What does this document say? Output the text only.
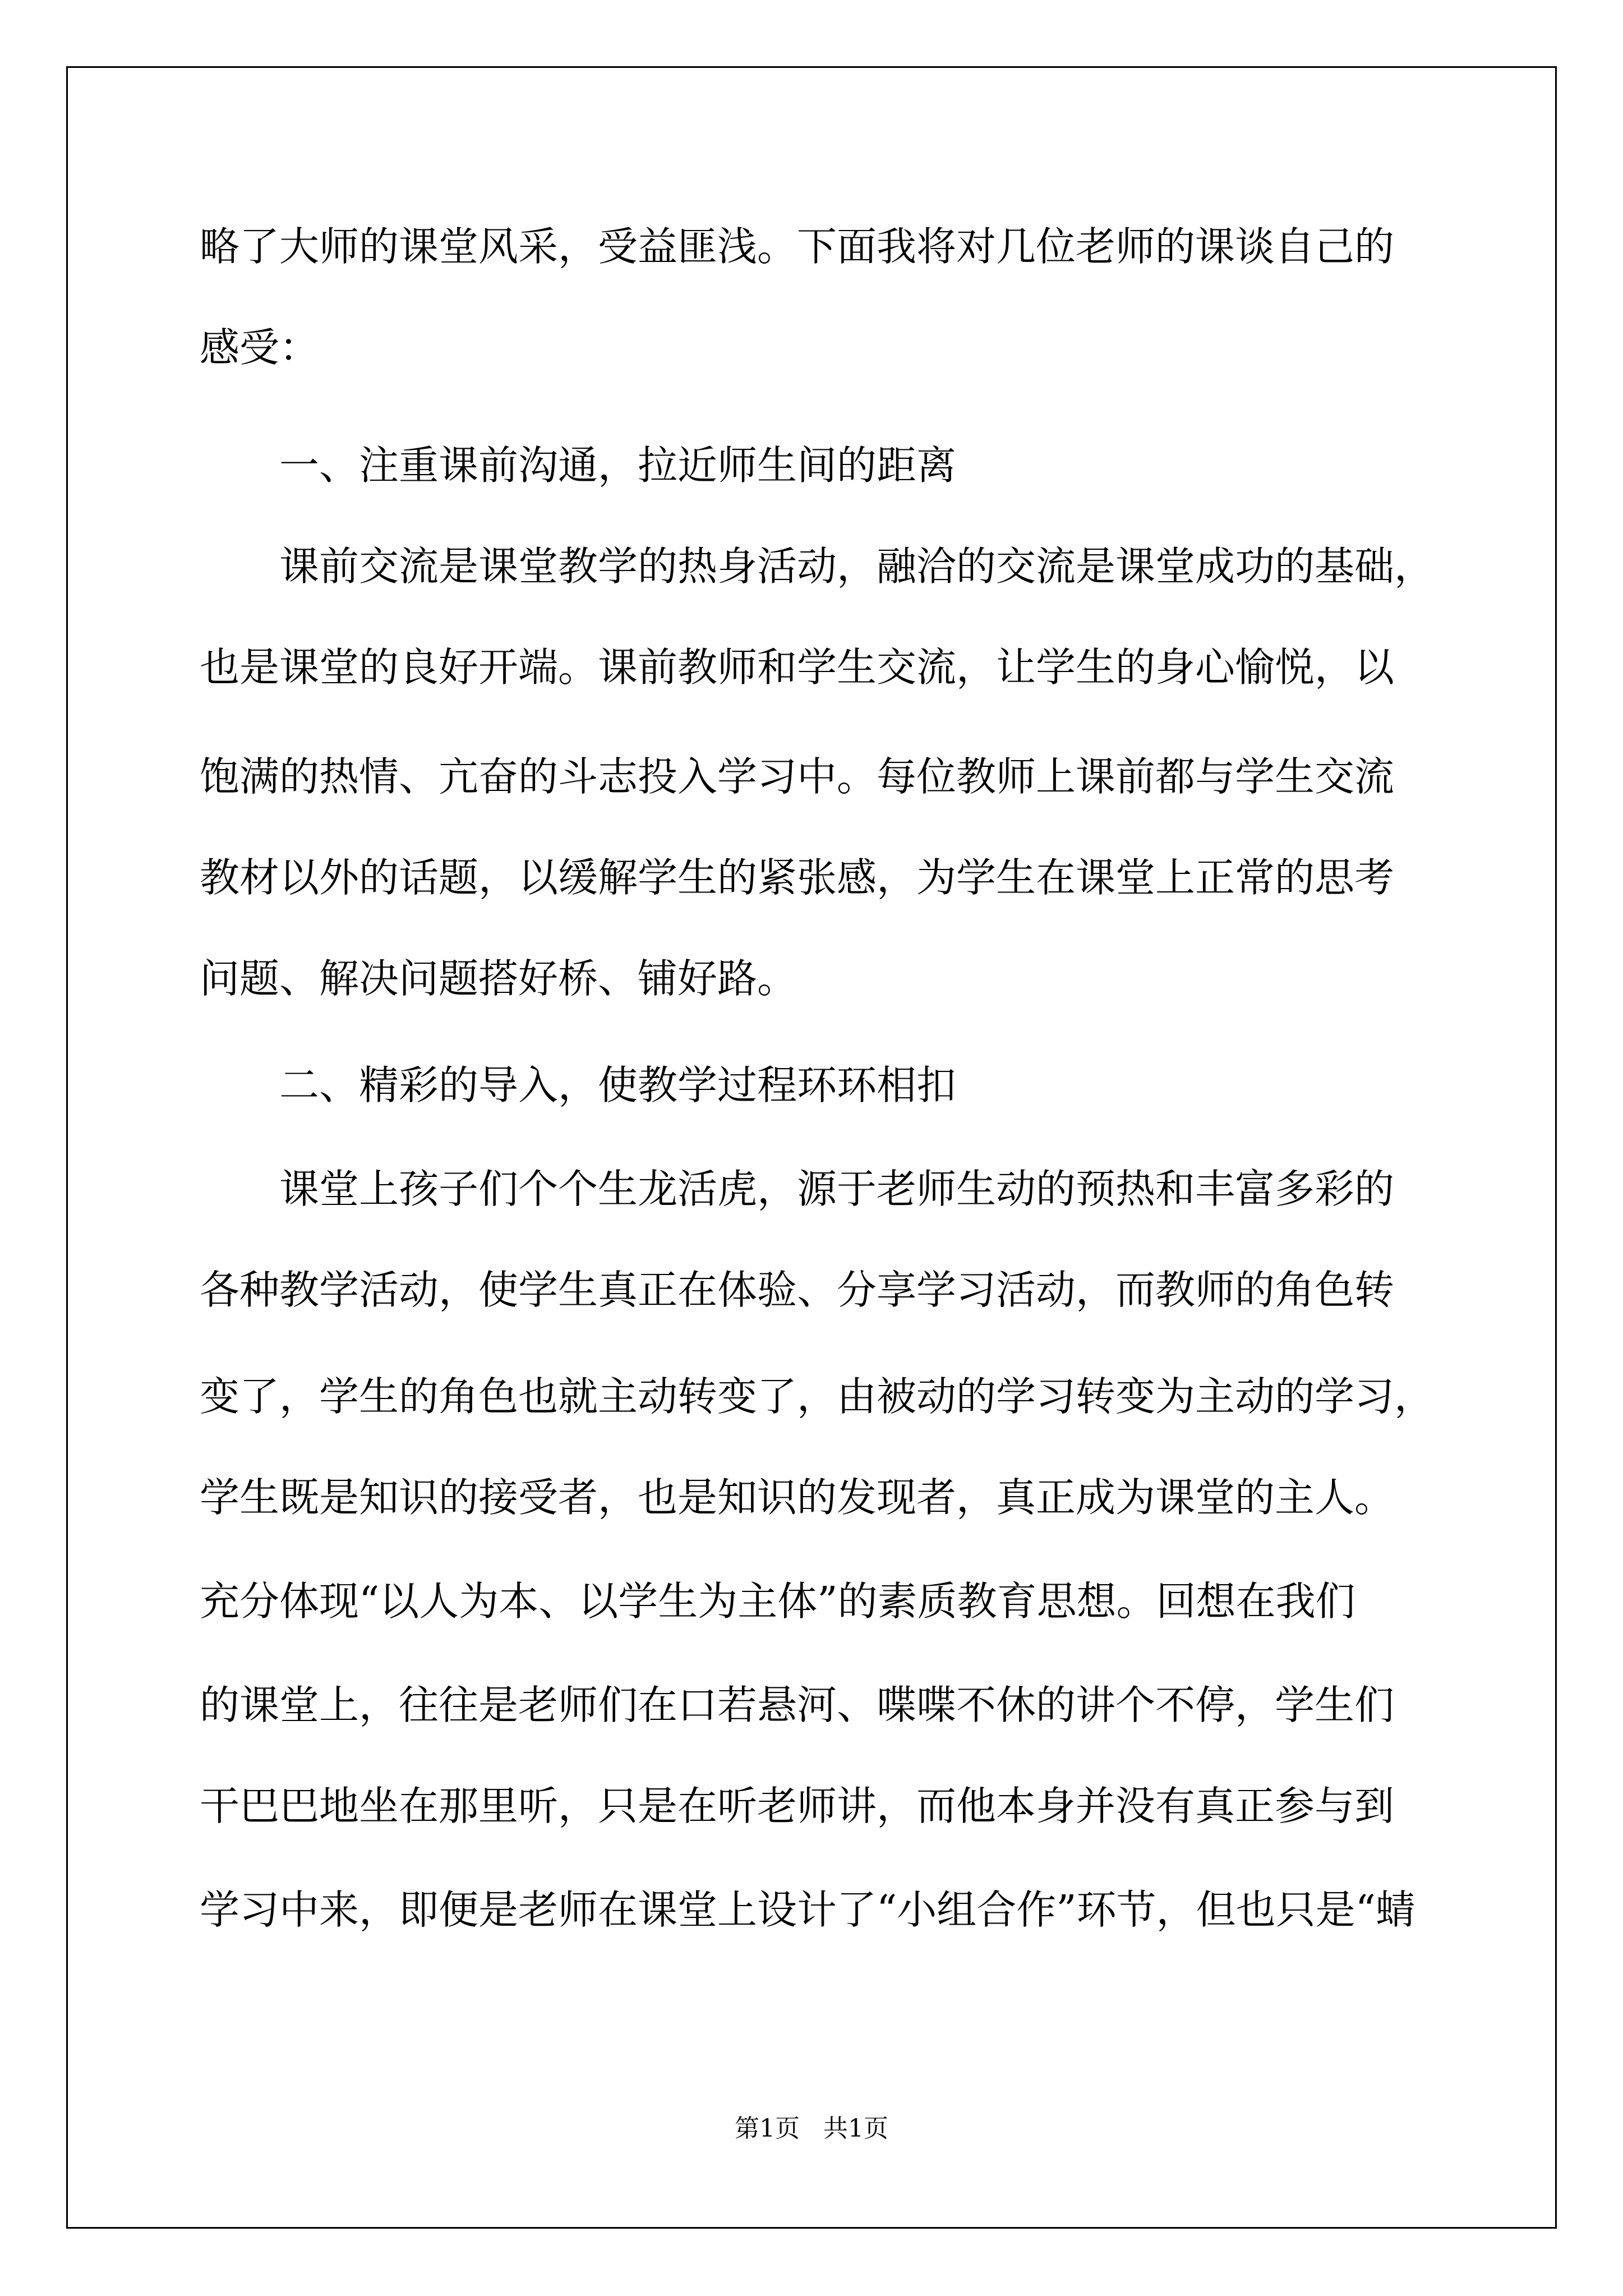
略了大师的课堂风采，受益匪浅。下面我将对几位老师的课谈自己的

感受：

一、注重课前沟通，拉近师生间的距离

课前交流是课堂教学的热身活动，融洽的交流是课堂成功的基础，

也是课堂的良好开端。课前教师和学生交流，让学生的身心愉悦，以

饱满的热情、亢奋的斗志投入学习中。每位教师上课前都与学生交流

教材以外的话题，以缓解学生的紧张感，为学生在课堂上正常的思考

问题、解决问题搭好桥、铺好路。

二、精彩的导入，使教学过程环环相扣

课堂上孩子们个个生龙活虎，源于老师生动的预热和丰富多彩的

各种教学活动，使学生真正在体验、分享学习活动，而教师的角色转

变了，学生的角色也就主动转变了，由被动的学习转变为主动的学习，

学生既是知识的接受者，也是知识的发现者，真正成为课堂的主人。

充分体现“以人为本、以学生为主体”的素质教育思想。回想在我们

的课堂上，往往是老师们在口若悬河、喋喋不休的讲个不停，学生们

干巴巴地坐在那里听，只是在听老师讲，而他本身并没有真正参与到

学习中来，即便是老师在课堂上设计了“小组合作”环节，但也只是“蜻

第1页   共1页
